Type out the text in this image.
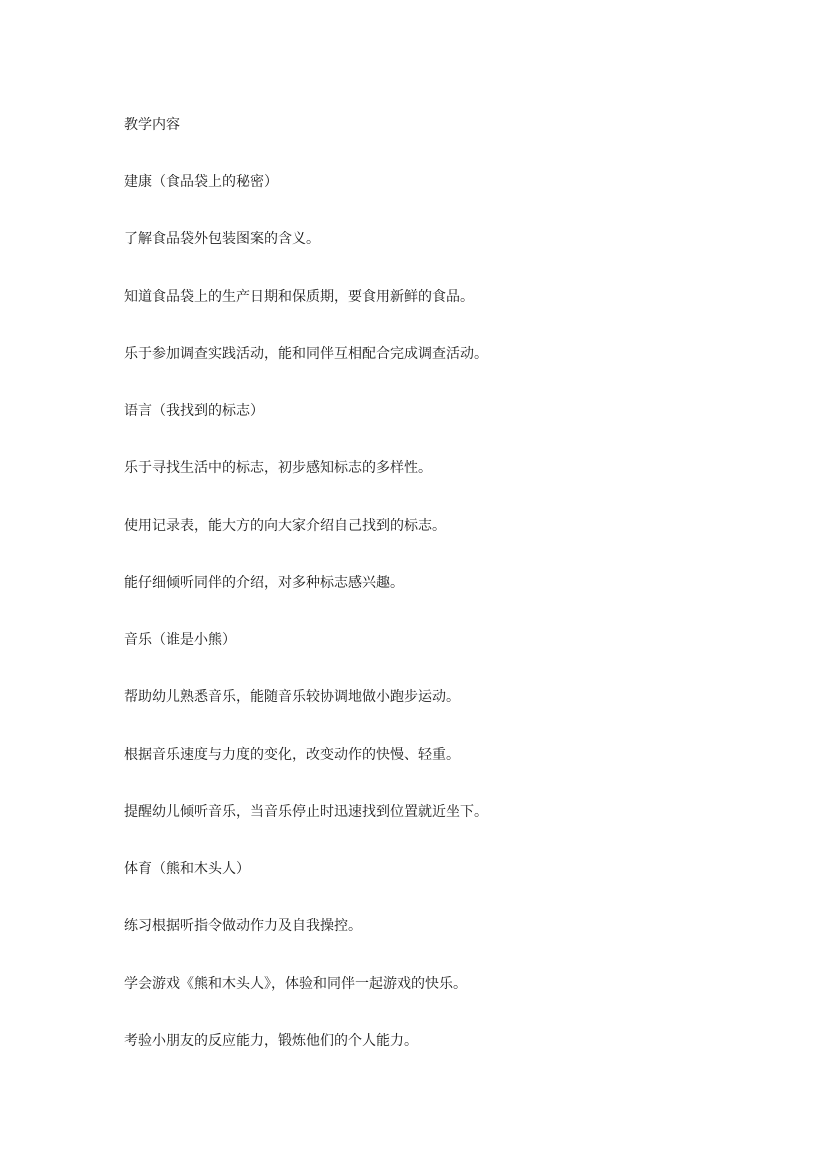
教学内容
建康（食品袋上的秘密）
了解食品袋外包装图案的含义。
知道食品袋上的生产日期和保质期，要食用新鲜的食品。
乐于参加调查实践活动，能和同伴互相配合完成调查活动。
语言（我找到的标志）
乐于寻找生活中的标志，初步感知标志的多样性。
使用记录表，能大方的向大家介绍自己找到的标志。
能仔细倾听同伴的介绍，对多种标志感兴趣。
音乐（谁是小熊）
帮助幼儿熟悉音乐，能随音乐较协调地做小跑步运动。
根据音乐速度与力度的变化，改变动作的快慢、轻重。
提醒幼儿倾听音乐，当音乐停止时迅速找到位置就近坐下。
体育（熊和木头人）
练习根据听指令做动作力及自我操控。
学会游戏《熊和木头人》，体验和同伴一起游戏的快乐。
考验小朋友的反应能力，锻炼他们的个人能力。
